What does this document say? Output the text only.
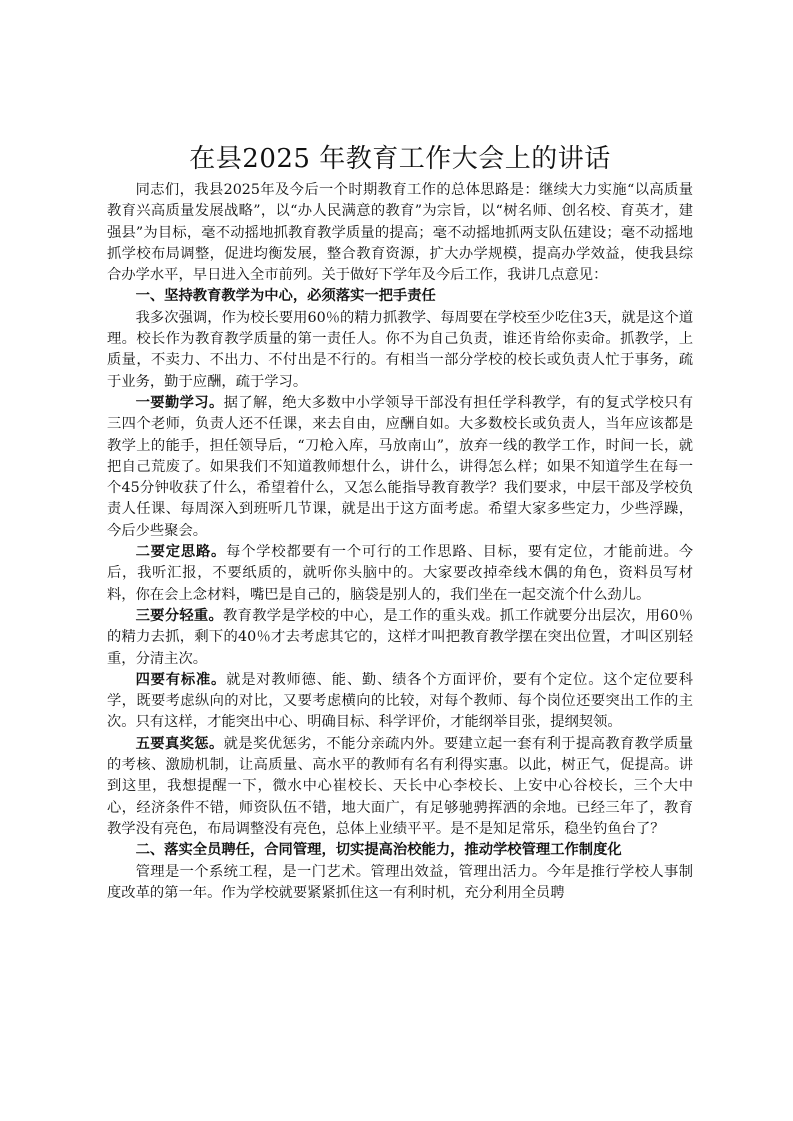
在县2025 年教育工作大会上的讲话

同志们，我县2025年及今后一个时期教育工作的总体思路是：继续大力实施“以高质量教育兴高质量发展战略”，以“办人民满意的教育”为宗旨，以“树名师、创名校、育英才，建强县”为目标，毫不动摇地抓教育教学质量的提高；毫不动摇地抓两支队伍建设；毫不动摇地抓学校布局调整，促进均衡发展，整合教育资源，扩大办学规模，提高办学效益，使我县综合办学水平，早日进入全市前列。关于做好下学年及今后工作，我讲几点意见：

一、坚持教育教学为中心，必须落实一把手责任

我多次强调，作为校长要用60％的精力抓教学、每周要在学校至少吃住3天，就是这个道理。校长作为教育教学质量的第一责任人。你不为自己负责，谁还肯给你卖命。抓教学，上质量，不卖力、不出力、不付出是不行的。有相当一部分学校的校长或负责人忙于事务，疏于业务，勤于应酬，疏于学习。

一要勤学习。据了解，绝大多数中小学领导干部没有担任学科教学，有的复式学校只有三四个老师，负责人还不任课，来去自由，应酬自如。大多数校长或负责人，当年应该都是教学上的能手，担任领导后，“刀枪入库，马放南山”，放弃一线的教学工作，时间一长，就把自己荒废了。如果我们不知道教师想什么，讲什么，讲得怎么样；如果不知道学生在每一个45分钟收获了什么，希望着什么，又怎么能指导教育教学？我们要求，中层干部及学校负责人任课、每周深入到班听几节课，就是出于这方面考虑。希望大家多些定力，少些浮躁，今后少些聚会。

二要定思路。每个学校都要有一个可行的工作思路、目标，要有定位，才能前进。今后，我听汇报，不要纸质的，就听你头脑中的。大家要改掉牵线木偶的角色，资料员写材料，你在会上念材料，嘴巴是自己的，脑袋是别人的，我们坐在一起交流个什么劲儿。

三要分轻重。教育教学是学校的中心，是工作的重头戏。抓工作就要分出层次，用60％的精力去抓，剩下的40％才去考虑其它的，这样才叫把教育教学摆在突出位置，才叫区别轻重，分清主次。

四要有标准。就是对教师德、能、勤、绩各个方面评价，要有个定位。这个定位要科学，既要考虑纵向的对比，又要考虑横向的比较，对每个教师、每个岗位还要突出工作的主次。只有这样，才能突出中心、明确目标、科学评价，才能纲举目张，提纲契领。

五要真奖惩。就是奖优惩劣，不能分亲疏内外。要建立起一套有利于提高教育教学质量的考核、激励机制，让高质量、高水平的教师有名有利得实惠。以此，树正气，促提高。讲到这里，我想提醒一下，微水中心崔校长、天长中心李校长、上安中心谷校长，三个大中心，经济条件不错，师资队伍不错，地大面广，有足够驰骋挥洒的余地。已经三年了，教育教学没有亮色，布局调整没有亮色，总体上业绩平平。是不是知足常乐，稳坐钓鱼台了？

二、落实全员聘任，合同管理，切实提高治校能力，推动学校管理工作制度化

管理是一个系统工程，是一门艺术。管理出效益，管理出活力。今年是推行学校人事制度改革的第一年。作为学校就要紧紧抓住这一有利时机，充分利用全员聘
